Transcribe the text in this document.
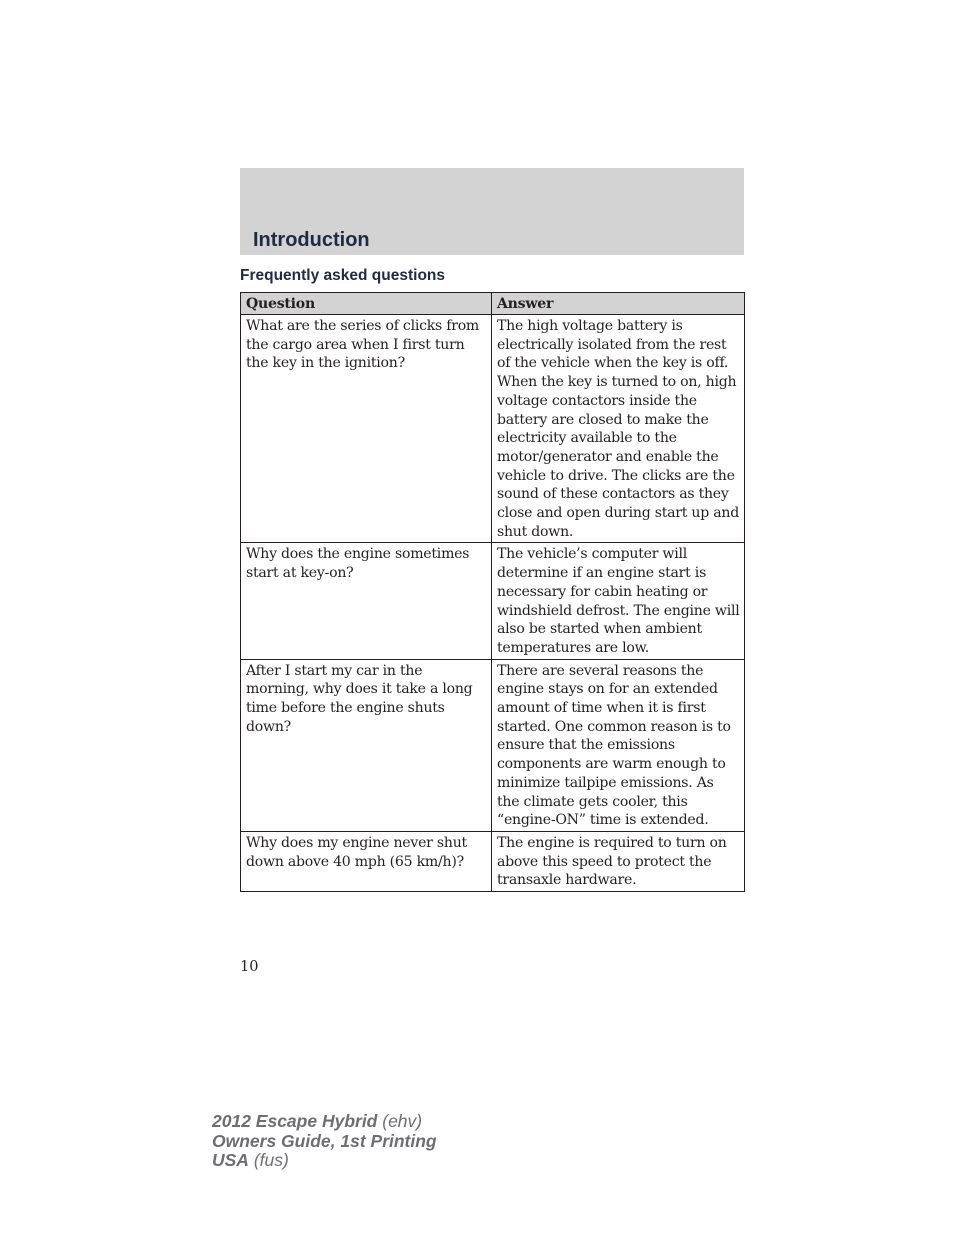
Introduction
Frequently asked questions
Question	Answer
What are the series of clicks from the cargo area when I first turn the key in the ignition?	The high voltage battery is electrically isolated from the rest of the vehicle when the key is off. When the key is turned to on, high voltage contactors inside the battery are closed to make the electricity available to the motor/generator and enable the vehicle to drive. The clicks are the sound of these contactors as they close and open during start up and shut down.
Why does the engine sometimes start at key-on?	The vehicle’s computer will determine if an engine start is necessary for cabin heating or windshield defrost. The engine will also be started when ambient temperatures are low.
After I start my car in the morning, why does it take a long time before the engine shuts down?	There are several reasons the engine stays on for an extended amount of time when it is first started. One common reason is to ensure that the emissions components are warm enough to minimize tailpipe emissions. As the climate gets cooler, this “engine-ON” time is extended.
Why does my engine never shut down above 40 mph (65 km/h)?	The engine is required to turn on above this speed to protect the transaxle hardware.
10
2012 Escape Hybrid (ehv)
Owners Guide, 1st Printing
USA (fus)
